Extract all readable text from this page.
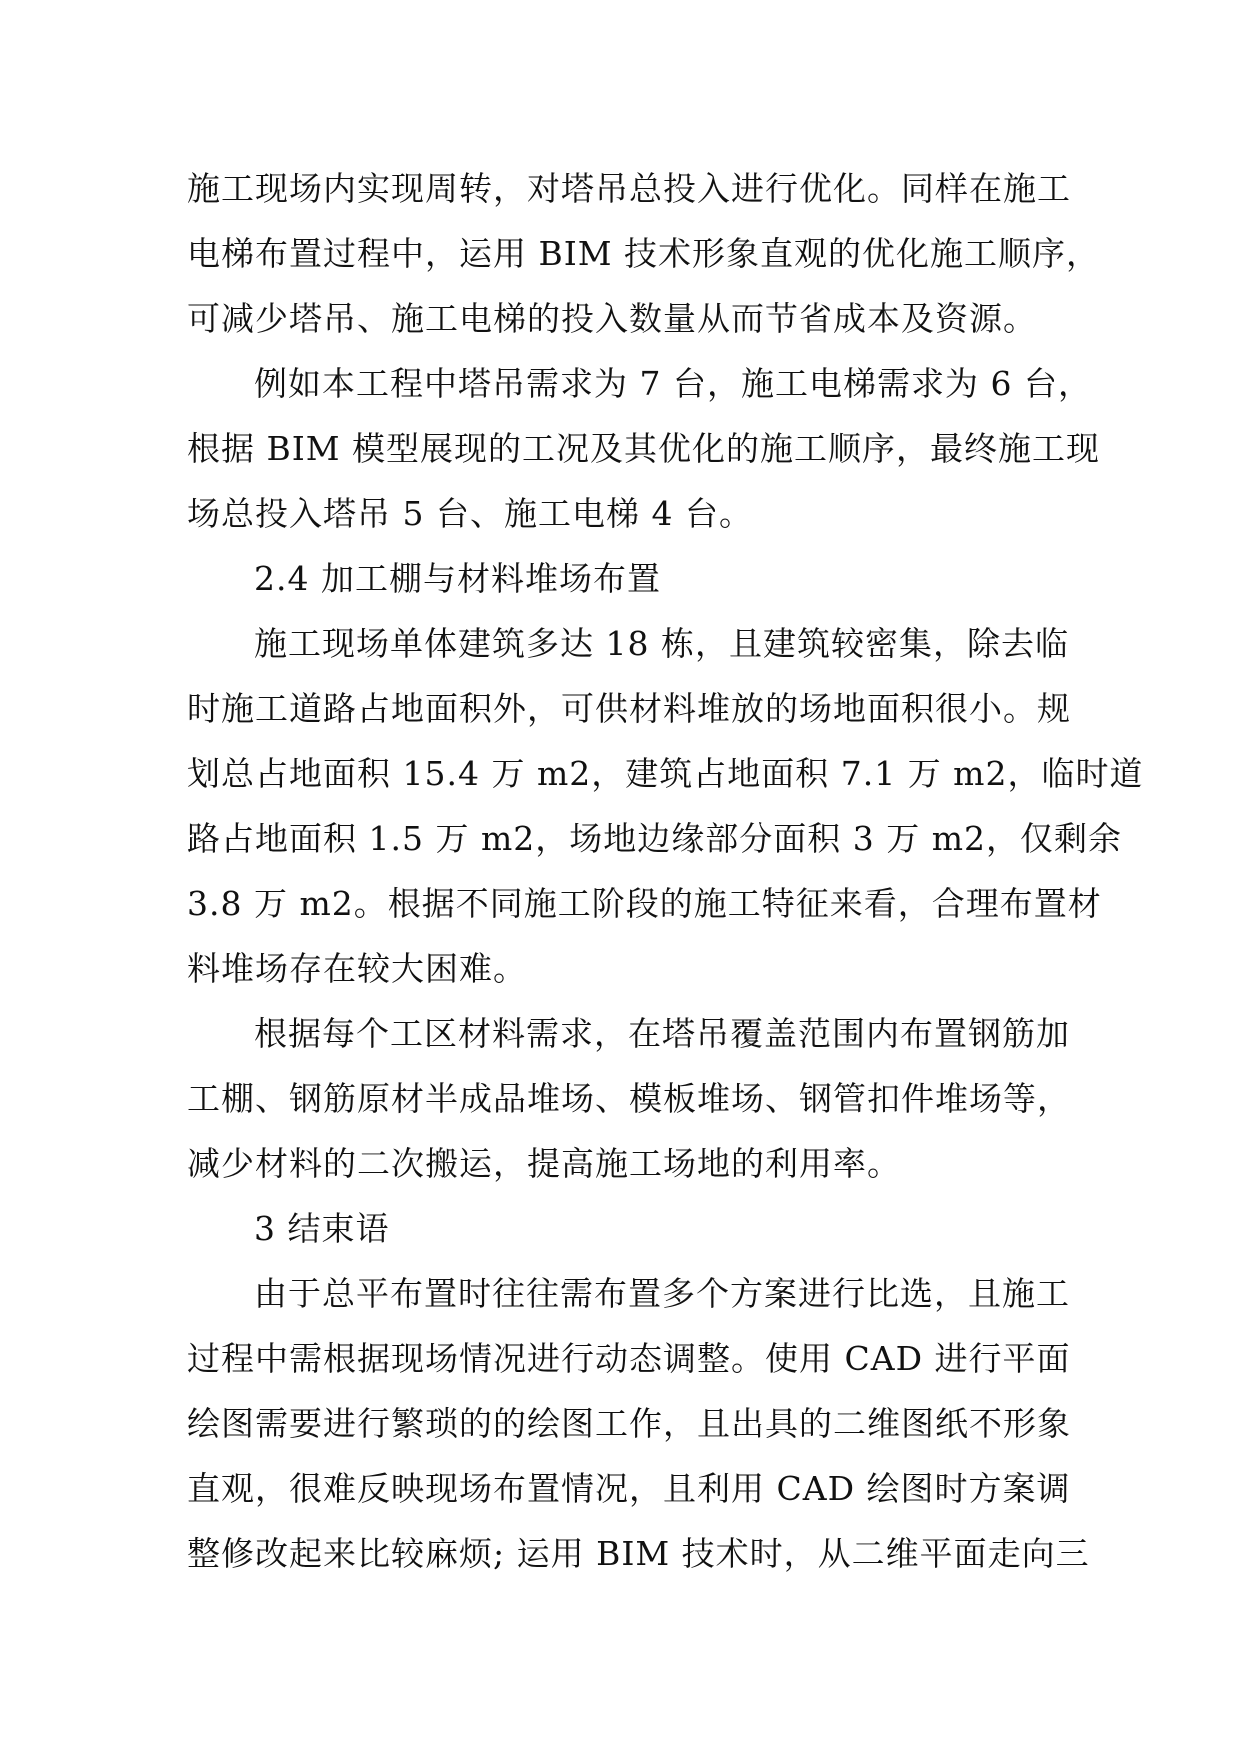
施工现场内实现周转，对塔吊总投入进行优化。同样在施工
电梯布置过程中，运用 BIM 技术形象直观的优化施工顺序，
可减少塔吊、施工电梯的投入数量从而节省成本及资源。
例如本工程中塔吊需求为 7 台，施工电梯需求为 6 台，
根据 BIM 模型展现的工况及其优化的施工顺序，最终施工现
场总投入塔吊 5 台、施工电梯 4 台。
2.4 加工棚与材料堆场布置
施工现场单体建筑多达 18 栋，且建筑较密集，除去临
时施工道路占地面积外，可供材料堆放的场地面积很小。规
划总占地面积 15.4 万 m2，建筑占地面积 7.1 万 m2，临时道
路占地面积 1.5 万 m2，场地边缘部分面积 3 万 m2，仅剩余
3.8 万 m2。根据不同施工阶段的施工特征来看，合理布置材
料堆场存在较大困难。
根据每个工区材料需求，在塔吊覆盖范围内布置钢筋加
工棚、钢筋原材半成品堆场、模板堆场、钢管扣件堆场等，
减少材料的二次搬运，提高施工场地的利用率。
3 结束语
由于总平布置时往往需布置多个方案进行比选，且施工
过程中需根据现场情况进行动态调整。使用 CAD 进行平面
绘图需要进行繁琐的的绘图工作，且出具的二维图纸不形象
直观，很难反映现场布置情况，且利用 CAD 绘图时方案调
整修改起来比较麻烦; 运用 BIM 技术时，从二维平面走向三
